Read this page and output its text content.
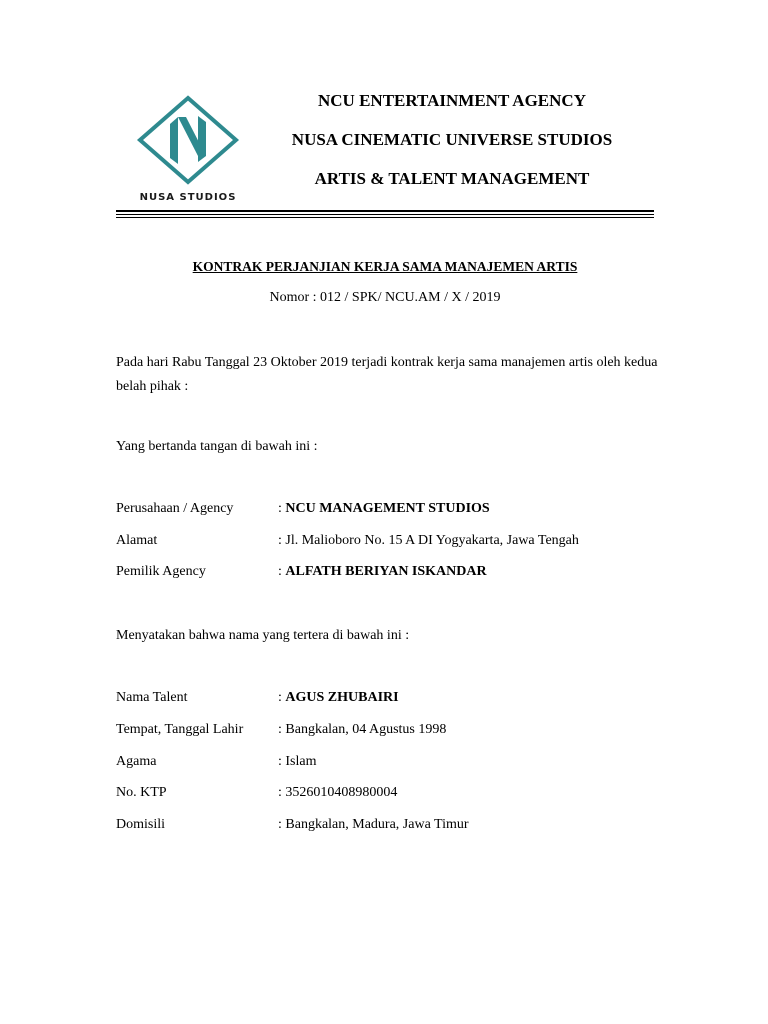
NUSA STUDIOS
NCU ENTERTAINMENT AGENCY
NUSA CINEMATIC UNIVERSE STUDIOS
ARTIS & TALENT MANAGEMENT
KONTRAK PERJANJIAN KERJA SAMA MANAJEMEN ARTIS
Nomor : 012 / SPK/ NCU.AM / X / 2019
Pada hari Rabu Tanggal 23 Oktober 2019 terjadi kontrak kerja sama manajemen artis oleh kedua belah pihak :
Yang bertanda tangan di bawah ini :
Perusahaan / Agency	: NCU MANAGEMENT STUDIOS
Alamat	: Jl. Malioboro No. 15 A DI Yogyakarta, Jawa Tengah
Pemilik Agency	: ALFATH BERIYAN ISKANDAR
Menyatakan bahwa nama yang tertera di bawah ini :
Nama Talent	: AGUS ZHUBAIRI
Tempat, Tanggal Lahir : Bangkalan, 04 Agustus 1998
Agama	: Islam
No. KTP	: 3526010408980004
Domisili	: Bangkalan, Madura, Jawa Timur
